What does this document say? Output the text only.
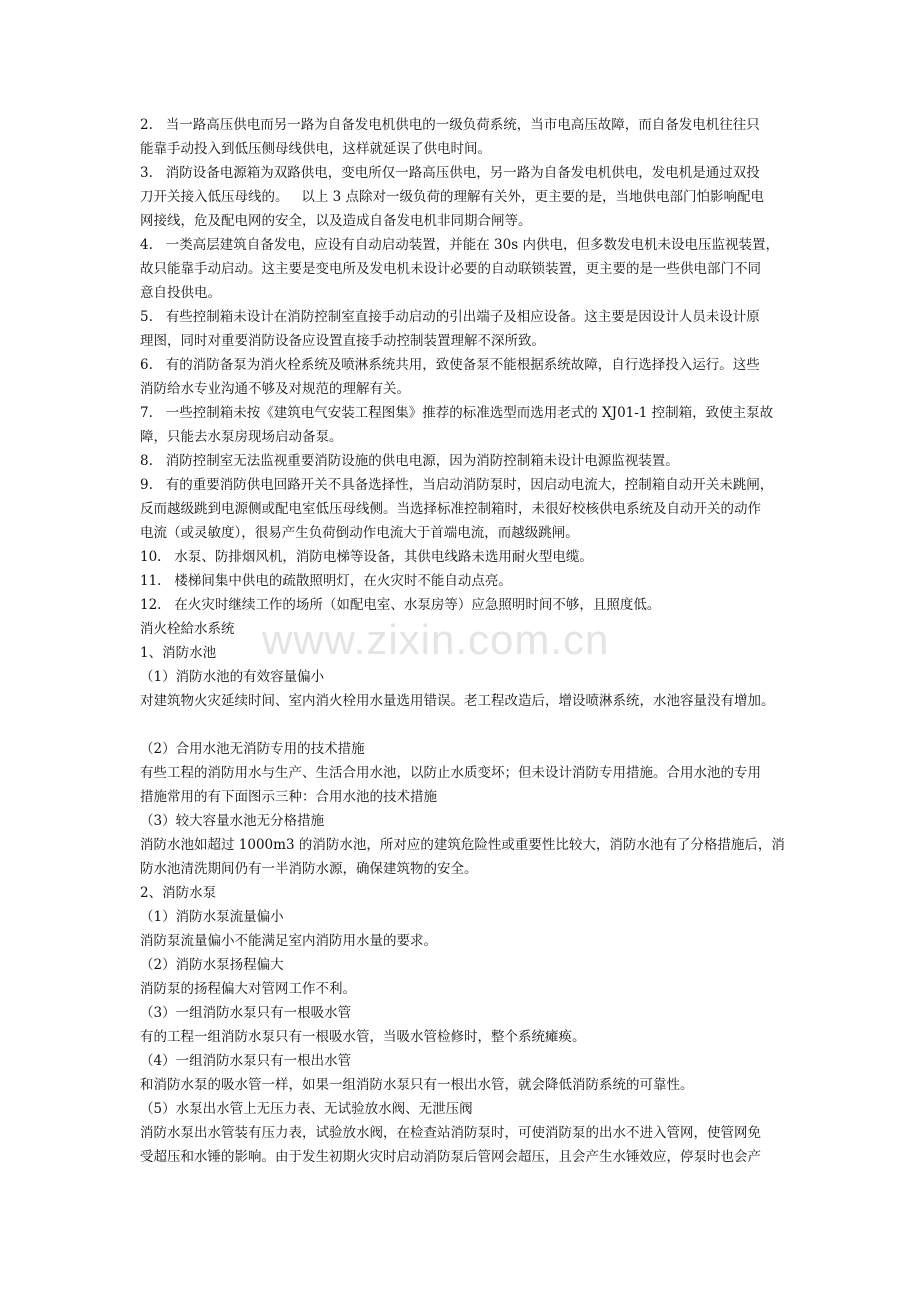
www.zixin.com.cn
2.   当一路高压供电而另一路为自备发电机供电的一级负荷系统，当市电高压故障，而自备发电机往往只
能靠手动投入到低压侧母线供电，这样就延误了供电时间。
3.   消防设备电源箱为双路供电，变电所仅一路高压供电，另一路为自备发电机供电，发电机是通过双投
刀开关接入低压母线的。   以上 3 点除对一级负荷的理解有关外，更主要的是，当地供电部门怕影响配电
网接线，危及配电网的安全，以及造成自备发电机非同期合闸等。
4.   一类高层建筑自备发电，应设有自动启动装置，并能在 30s 内供电，但多数发电机未设电压监视装置，
故只能靠手动启动。这主要是变电所及发电机未设计必要的自动联锁装置，更主要的是一些供电部门不同
意自投供电。
5.   有些控制箱未设计在消防控制室直接手动启动的引出端子及相应设备。这主要是因设计人员未设计原
理图，同时对重要消防设备应设置直接手动控制装置理解不深所致。
6.   有的消防备泵为消火栓系统及喷淋系统共用，致使备泵不能根据系统故障，自行选择投入运行。这些
消防给水专业沟通不够及对规范的理解有关。
7.   一些控制箱未按《建筑电气安装工程图集》推荐的标准选型而选用老式的 XJ01-1 控制箱，致使主泵故
障，只能去水泵房现场启动备泵。
8.   消防控制室无法监视重要消防设施的供电电源，因为消防控制箱未设计电源监视装置。
9.   有的重要消防供电回路开关不具备选择性，当启动消防泵时，因启动电流大，控制箱自动开关未跳闸，
反而越级跳到电源侧或配电室低压母线侧。当选择标准控制箱时，未很好校核供电系统及自动开关的动作
电流（或灵敏度），很易产生负荷倒动作电流大于首端电流，而越级跳闸。
10.   水泵、防排烟风机，消防电梯等设备，其供电线路未选用耐火型电缆。
11.   楼梯间集中供电的疏散照明灯，在火灾时不能自动点亮。
12.   在火灾时继续工作的场所（如配电室、水泵房等）应急照明时间不够，且照度低。
消火栓給水系统
1、消防水池
（1）消防水池的有效容量偏小
对建筑物火灾延续时间、室内消火栓用水量选用错误。老工程改造后，增设喷淋系统，水池容量没有增加。
（2）合用水池无消防专用的技术措施
有些工程的消防用水与生产、生活合用水池，以防止水质变坏；但未设计消防专用措施。合用水池的专用
措施常用的有下面图示三种：合用水池的技术措施
（3）较大容量水池无分格措施
消防水池如超过 1000m3 的消防水池，所对应的建筑危险性或重要性比较大，消防水池有了分格措施后，消
防水池清洗期间仍有一半消防水源，确保建筑物的安全。
2、消防水泵
（1）消防水泵流量偏小
消防泵流量偏小不能满足室内消防用水量的要求。
（2）消防水泵扬程偏大
消防泵的扬程偏大对管网工作不利。
（3）一组消防水泵只有一根吸水管
有的工程一组消防水泵只有一根吸水管，当吸水管检修时，整个系统瘫痪。
（4）一组消防水泵只有一根出水管
和消防水泵的吸水管一样，如果一组消防水泵只有一根出水管，就会降低消防系统的可靠性。
（5）水泵出水管上无压力表、无试验放水阀、无泄压阀
消防水泵出水管装有压力表，试验放水阀，在检查站消防泵时，可使消防泵的出水不进入管网，使管网免
受超压和水锤的影响。由于发生初期火灾时启动消防泵后管网会超压，且会产生水锤效应，停泵时也会产
